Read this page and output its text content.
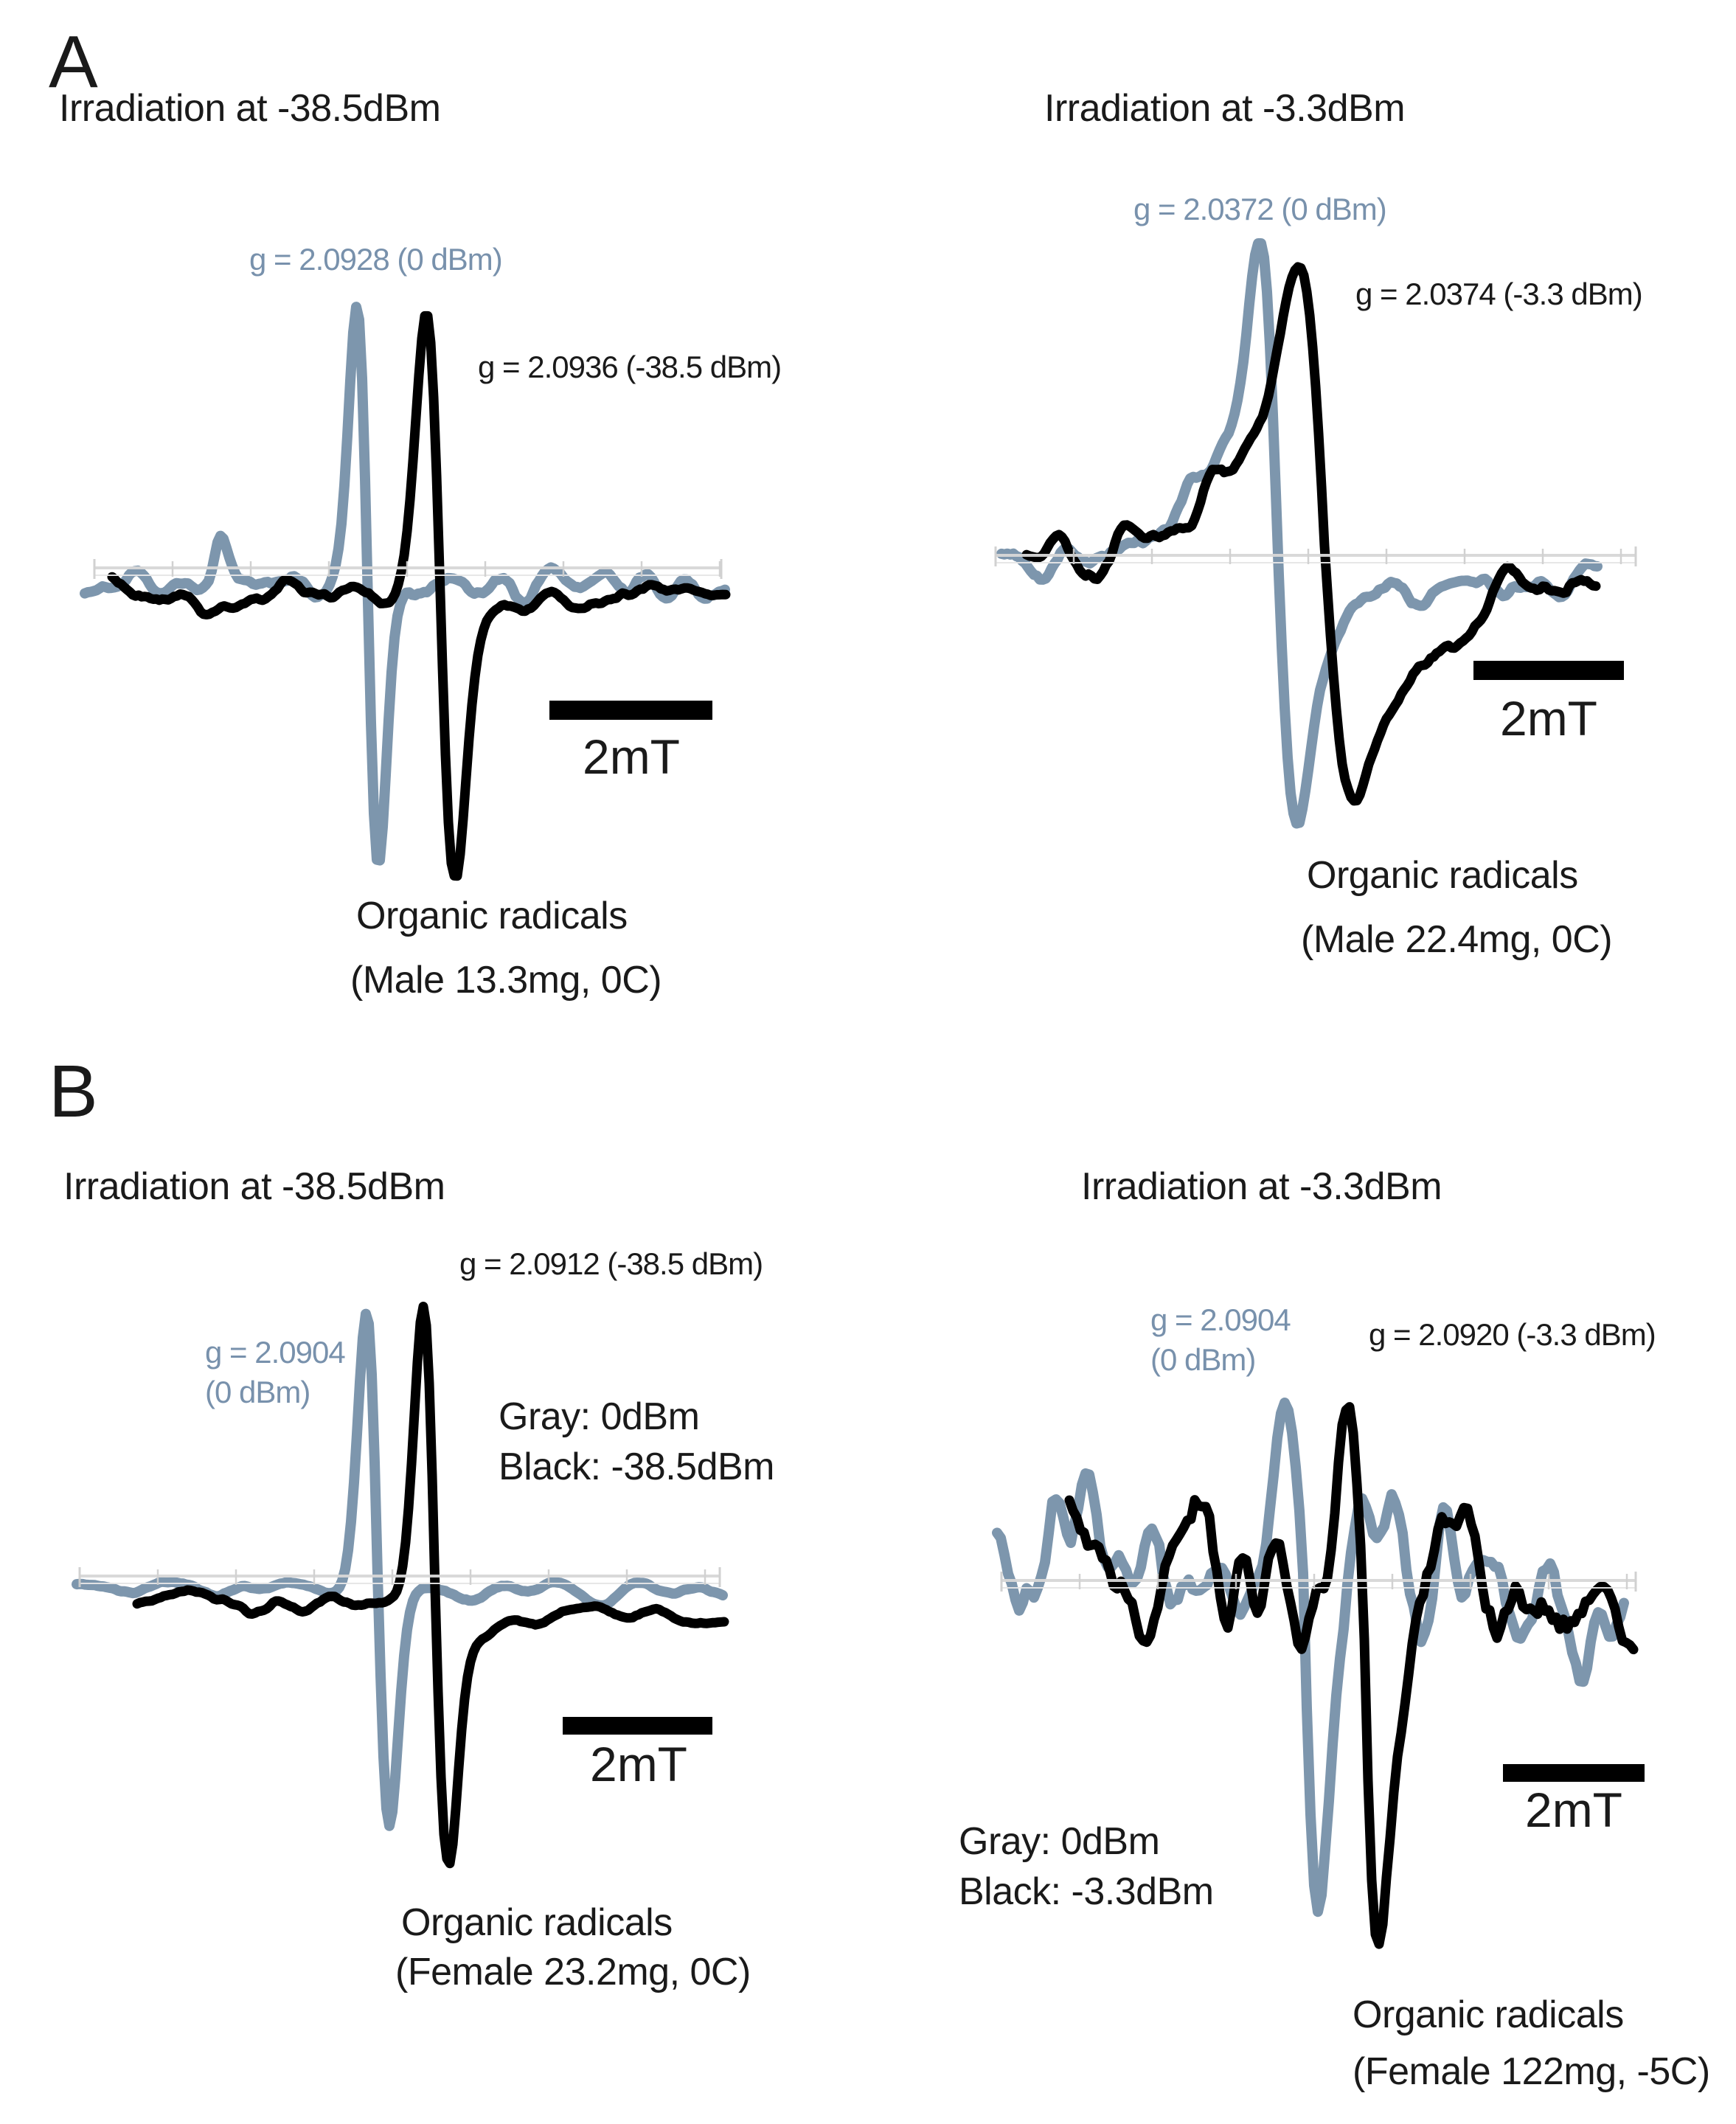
A
B
Irradiation at -38.5dBm
g = 2.0928 (0 dBm)
g = 2.0936 (-38.5 dBm)
2mT
Organic radicals
(Male 13.3mg, 0C)
Irradiation at -3.3dBm
g = 2.0372 (0 dBm)
g = 2.0374 (-3.3 dBm)
2mT
Organic radicals
(Male 22.4mg, 0C)
Irradiation at -38.5dBm
g = 2.0904
(0 dBm)
g = 2.0912 (-38.5 dBm)
Gray: 0dBm
Black: -38.5dBm
2mT
Organic radicals
(Female 23.2mg, 0C)
Irradiation at -3.3dBm
g = 2.0904
(0 dBm)
g = 2.0920 (-3.3 dBm)
Gray: 0dBm
Black: -3.3dBm
2mT
Organic radicals
(Female 122mg, -5C)
